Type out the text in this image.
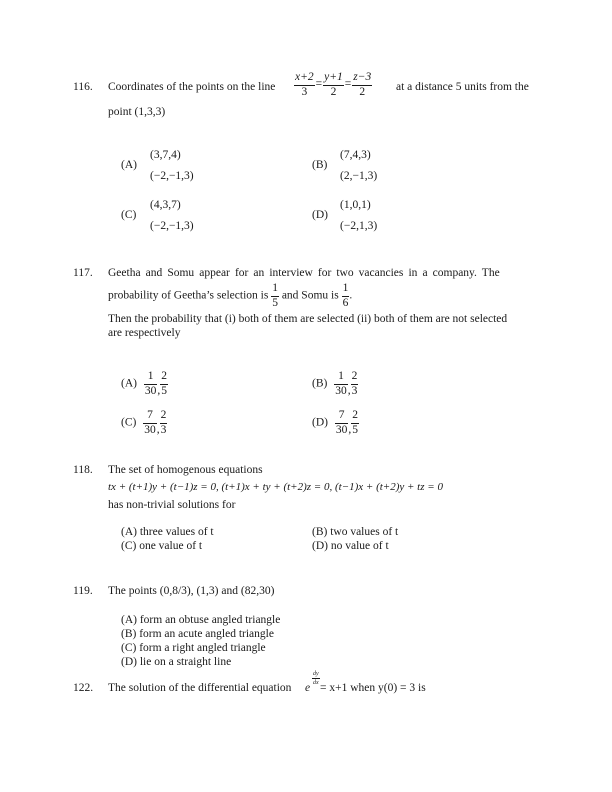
116. Coordinates of the points on the line $\frac{x+2}{3} = \frac{y+1}{2} = \frac{z-3}{2}$ at a distance 5 units from the
point (1,3,3)
(A)
(3,7,4)
(−2,−1,3)
(B)
(7,4,3)
(2,−1,3)
(C)
(4,3,7)
(−2,−1,3)
(D)
(1,0,1)
(−2,1,3)
117. Geetha and Somu appear for an interview for two vacancies in a company. The
probability of Geetha’s selection is $\frac{1}{5}$ and Somu is $\frac{1}{6}$ .
Then the probability that (i) both of them are selected (ii) both of them are not selected
are respectively
$(A) \frac{1}{30}$ , $\frac{2}{5}$	$(B) \frac{1}{30}$ , $\frac{2}{3}$
$(C) \frac{7}{30}$ , $\frac{2}{3}$	$(D) \frac{7}{30}$ , $\frac{2}{5}$
118. The set of homogenous equations
tx + (t+1)y + (t−1)z = 0, (t+1)x + ty + (t+2)z = 0, (t−1)x + (t+2)y + tz = 0
has non-trivial solutions for
(A) three values of t	(B) two values of t
(C) one value of t	(D) no value of t
119. The points (0,8/3), (1,3) and (82,30)
(A) form an obtuse angled triangle
(B) form an acute angled triangle
(C) form a right angled triangle
(D) lie on a straight line
122. The solution of the differential equation e
$\frac{dy}{dx}$
= x+1 when y(0) = 3 is
